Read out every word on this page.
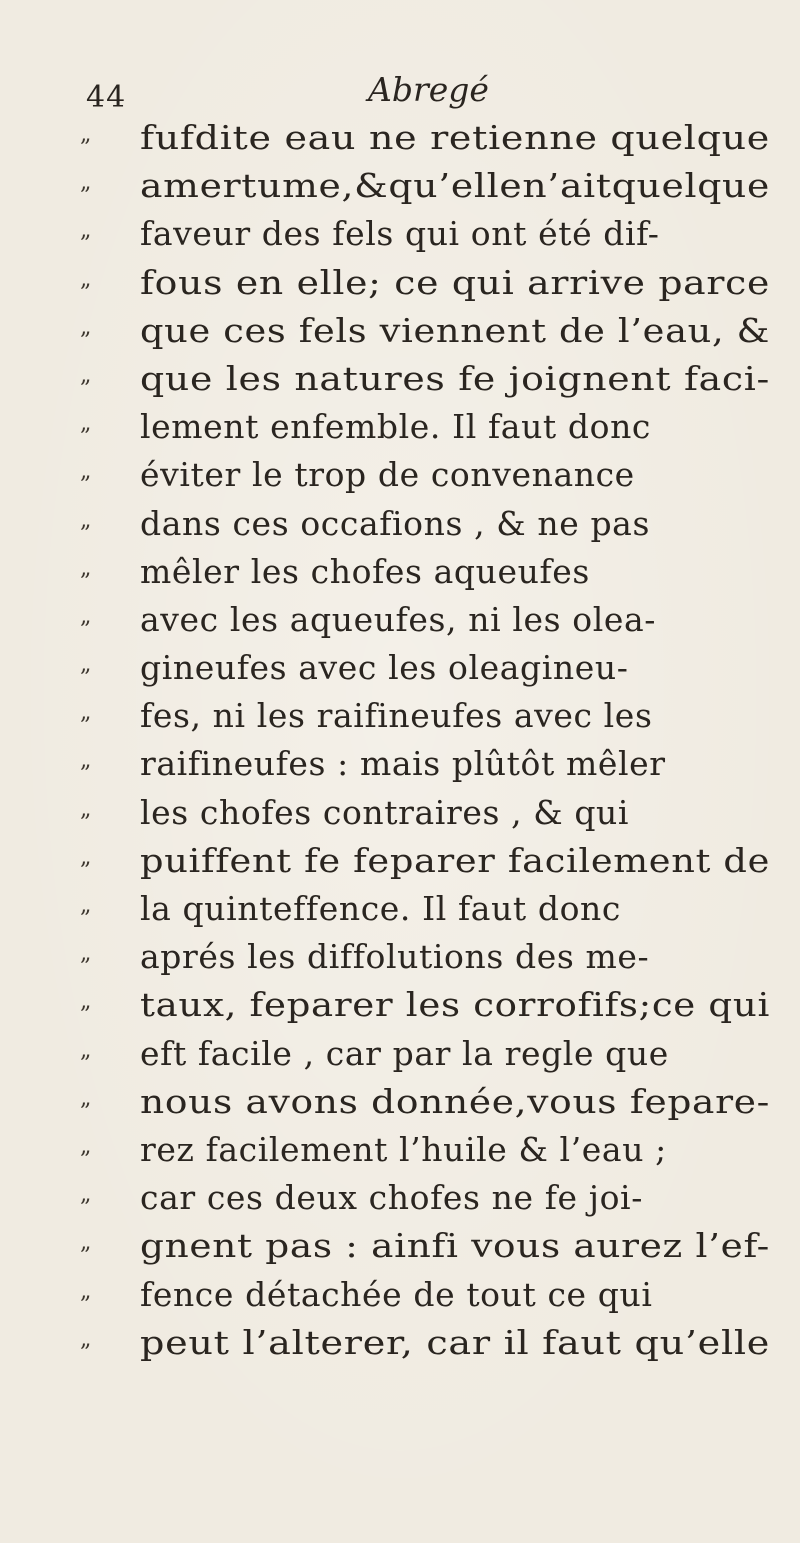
44	Abregé
„ fufdite eau ne retienne quelque
„ amertume,&qu’ellen’aitquelque
„ faveur des fels qui ont été dif-
„ fous en elle; ce qui arrive parce
„ que ces fels viennent de l’eau, &
„ que les natures fe joignent faci-
„ lement enfemble. Il faut donc
„ éviter le trop de convenance
„ dans ces occafions , & ne pas
„ mêler les chofes aqueufes
„ avec les aqueufes, ni les olea-
„ gineufes avec les oleagineu-
„ fes, ni les raifineufes avec les
„ raifineufes : mais plûtôt mêler
„ les chofes contraires , & qui
„ puiffent fe feparer facilement de
„ la quinteffence. Il faut donc
„ aprés les diffolutions des me-
„ taux, feparer les corrofifs;ce qui
„ eft facile , car par la regle que
„ nous avons donnée,vous fepare-
„ rez facilement l’huile & l’eau ;
„ car ces deux chofes ne fe joi-
„ gnent pas : ainfi vous aurez l’ef-
„ fence détachée de tout ce qui
„ peut l’alterer, car il faut qu’elle
